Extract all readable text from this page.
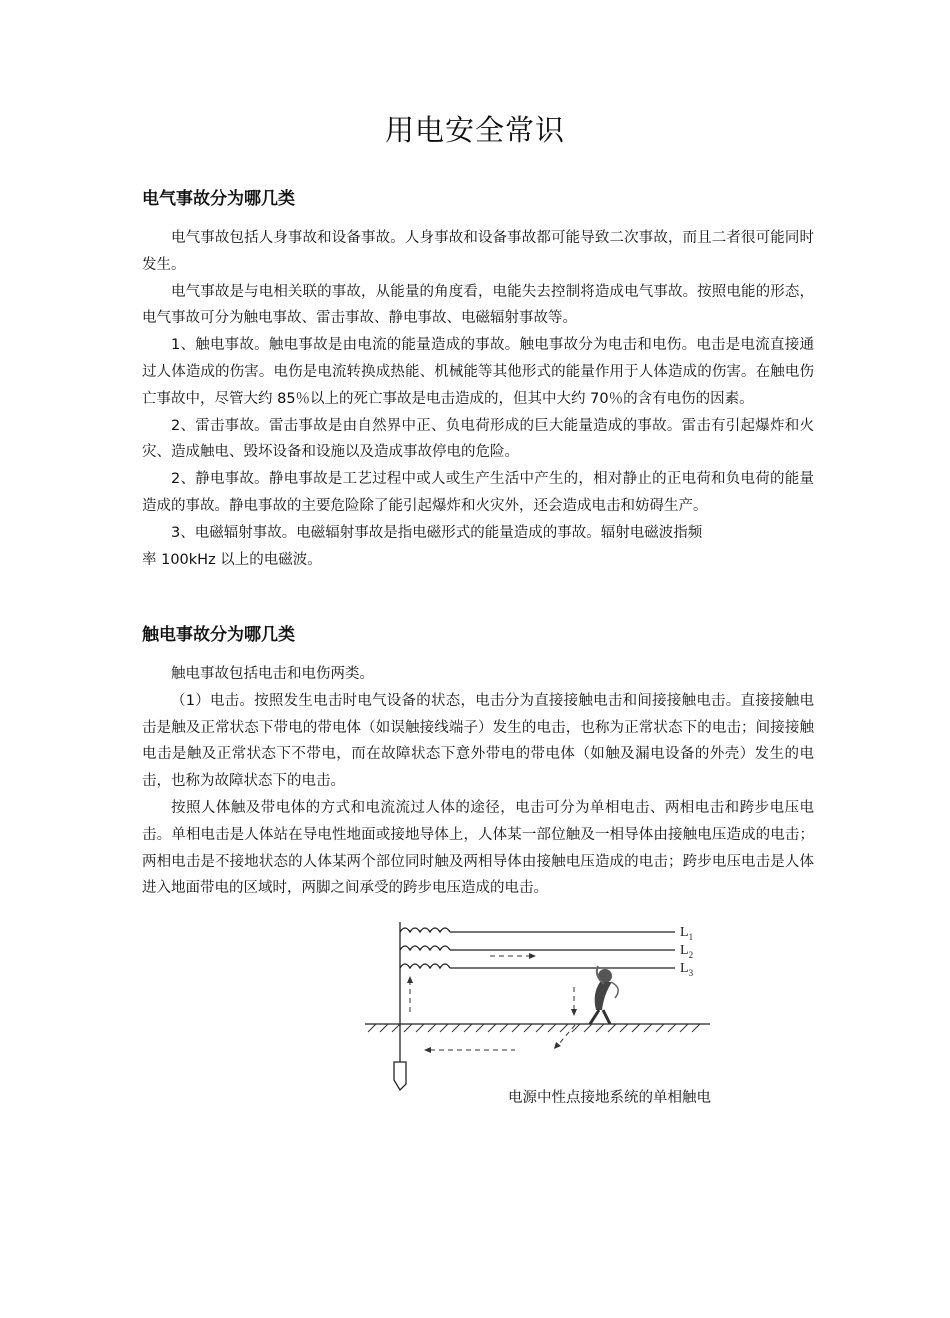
用电安全常识
电气事故分为哪几类

电气事故包括人身事故和设备事故。人身事故和设备事故都可能导致二次事故，而且二者很可能同时发生。

电气事故是与电相关联的事故，从能量的角度看，电能失去控制将造成电气事故。按照电能的形态，电气事故可分为触电事故、雷击事故、静电事故、电磁辐射事故等。

1、触电事故。触电事故是由电流的能量造成的事故。触电事故分为电击和电伤。电击是电流直接通过人体造成的伤害。电伤是电流转换成热能、机械能等其他形式的能量作用于人体造成的伤害。在触电伤亡事故中，尽管大约 85％以上的死亡事故是电击造成的，但其中大约 70％的含有电伤的因素。

2、雷击事故。雷击事故是由自然界中正、负电荷形成的巨大能量造成的事故。雷击有引起爆炸和火灾、造成触电、毁坏设备和设施以及造成事故停电的危险。

2、静电事故。静电事故是工艺过程中或人或生产生活中产生的，相对静止的正电荷和负电荷的能量造成的事故。静电事故的主要危险除了能引起爆炸和火灾外，还会造成电击和妨碍生产。

3、电磁辐射事故。电磁辐射事故是指电磁形式的能量造成的事故。辐射电磁波指频
率 100kHz 以上的电磁波。

触电事故分为哪几类

触电事故包括电击和电伤两类。

（1）电击。按照发生电击时电气设备的状态，电击分为直接接触电击和间接接触电击。直接接触电击是触及正常状态下带电的带电体（如误触接线端子）发生的电击，也称为正常状态下的电击；间接接触电击是触及正常状态下不带电，而在故障状态下意外带电的带电体（如触及漏电设备的外壳）发生的电击，也称为故障状态下的电击。

按照人体触及带电体的方式和电流流过人体的途径，电击可分为单相电击、两相电击和跨步电压电击。单相电击是人体站在导电性地面或接地导体上，人体某一部位触及一相导体由接触电压造成的电击；两相电击是不接地状态的人体某两个部位同时触及两相导体由接触电压造成的电击；跨步电压电击是人体进入地面带电的区域时，两脚之间承受的跨步电压造成的电击。

$L_1$
$L_2$
$L_3$
电源中性点接地系统的单相触电
